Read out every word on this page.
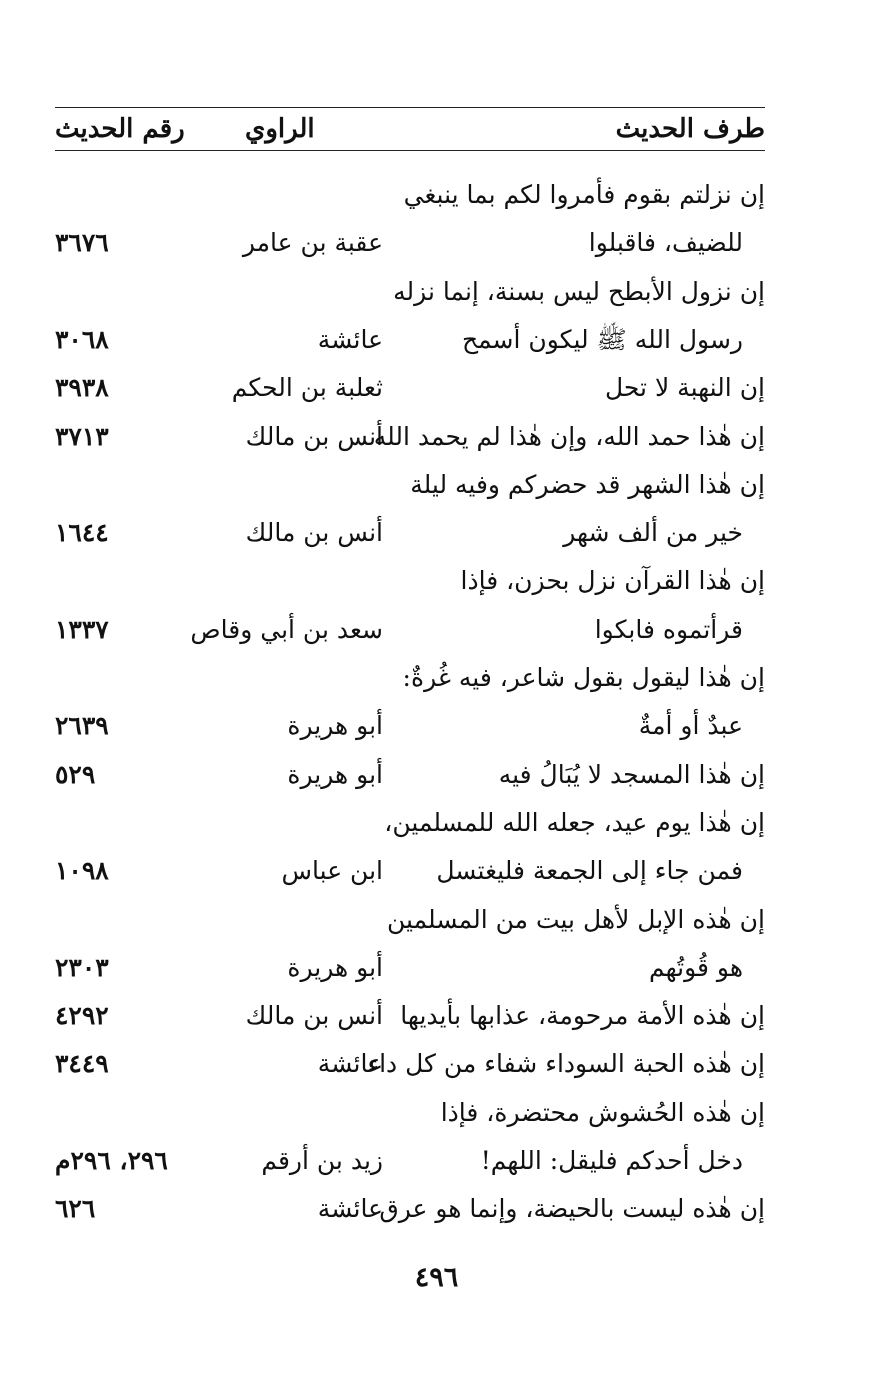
طرف الحديث
الراوي
رقم الحديث
إن نزلتم بقوم فأمروا لكم بما ينبغي
للضيف، فاقبلوا
عقبة بن عامر
٣٦٧٦
إن نزول الأبطح ليس بسنة، إنما نزله
رسول الله ﷺ ليكون أسمح
عائشة
٣٠٦٨
إن النهبة لا تحل
ثعلبة بن الحكم
٣٩٣٨
إن هٰذا حمد الله، وإن هٰذا لم يحمد الله
أنس بن مالك
٣٧١٣
إن هٰذا الشهر قد حضركم وفيه ليلة
خير من ألف شهر
أنس بن مالك
١٦٤٤
إن هٰذا القرآن نزل بحزن، فإذا
قرأتموه فابكوا
سعد بن أبي وقاص
١٣٣٧
إن هٰذا ليقول بقول شاعر، فيه غُرةٌ:
عبدٌ أو أمةٌ
أبو هريرة
٢٦٣٩
إن هٰذا المسجد لا يُبَالُ فيه
أبو هريرة
٥٢٩
إن هٰذا يوم عيد، جعله الله للمسلمين،
فمن جاء إلى الجمعة فليغتسل
ابن عباس
١٠٩٨
إن هٰذه الإبل لأهل بيت من المسلمين
هو قُوتُهم
أبو هريرة
٢٣٠٣
إن هٰذه الأمة مرحومة، عذابها بأيديها
أنس بن مالك
٤٢٩٢
إن هٰذه الحبة السوداء شفاء من كل داء
عائشة
٣٤٤٩
إن هٰذه الحُشوش محتضرة، فإذا
دخل أحدكم فليقل: اللهم!
زيد بن أرقم
٢٩٦، ٢٩٦م
إن هٰذه ليست بالحيضة، وإنما هو عرق
عائشة
٦٢٦
٤٩٦
